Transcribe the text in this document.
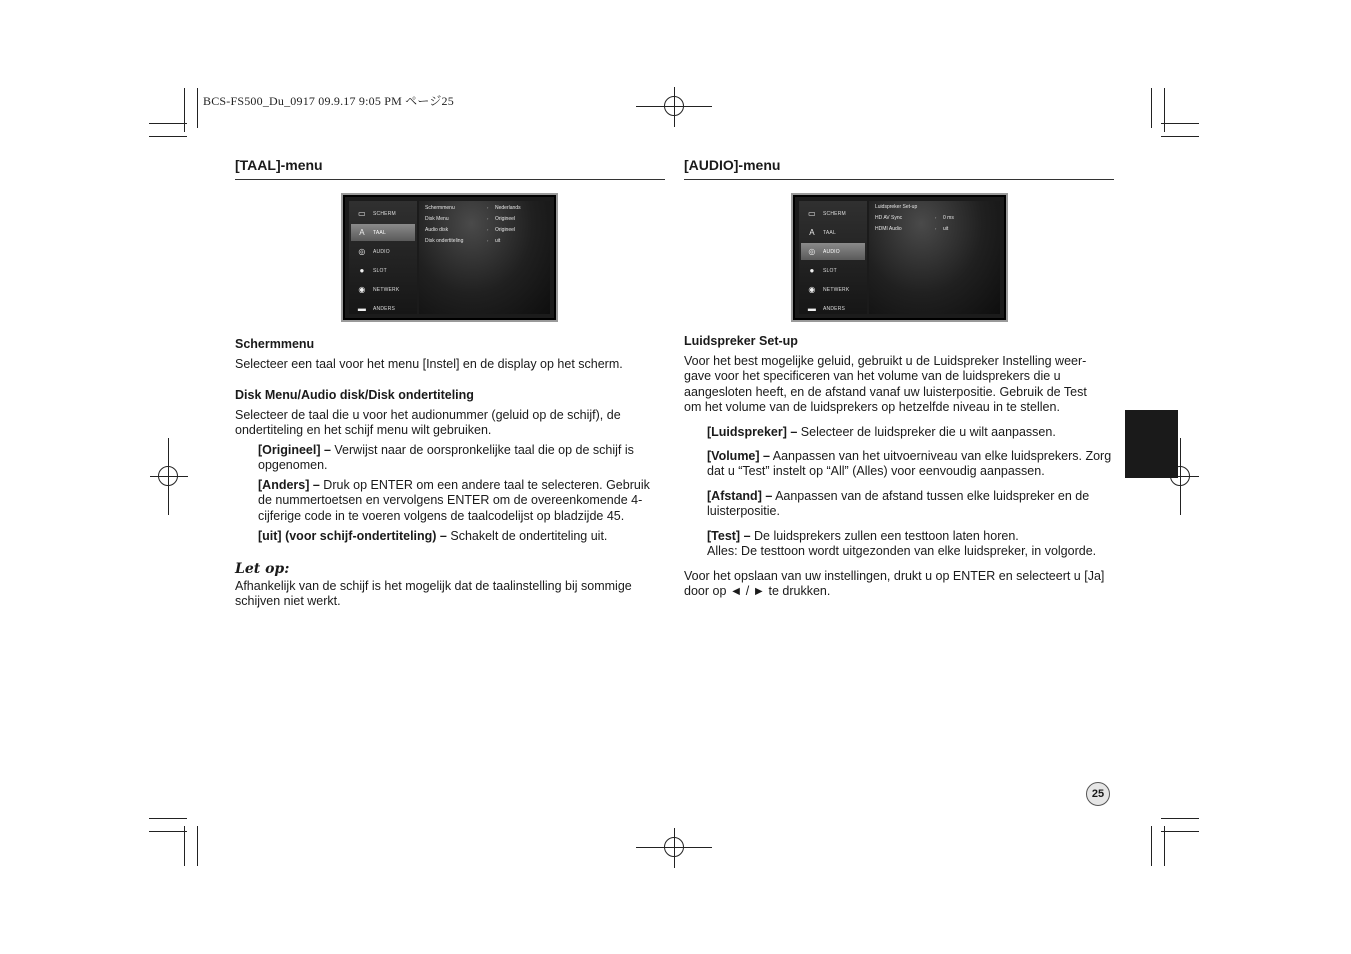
BCS-FS500_Du_0917 09.9.17 9:05 PM ページ25
[TAAL]-menu
▭ SCHERM
A	TAAL
◎ AUDIO
●	SLOT
◉ NETWERK
▬ ANDERS
Schermmenu	› Nederlands
Disk Menu	› Origineel
Audio disk	› Origineel
Disk ondertiteling	› uit
Schermmenu
Selecteer een taal voor het menu [Instel] en de display op het scherm.
Disk Menu/Audio disk/Disk ondertiteling
Selecteer de taal die u voor het audionummer (geluid op de schijf), de ondertiteling en het schijf menu wilt gebruiken.
[Origineel] – Verwijst naar de oorspronkelijke taal die op de schijf is opgenomen.
[Anders] – Druk op ENTER om een andere taal te selecteren. Gebruik de nummertoetsen en vervolgens ENTER om de overeenkomende 4-cijferige code in te voeren volgens de taalcodelijst op bladzijde 45.
[uit] (voor schijf-ondertiteling) – Schakelt de ondertiteling uit.
Let op:
Afhankelijk van de schijf is het mogelijk dat de taalinstelling bij sommige schijven niet werkt.
[AUDIO]-menu
▭ SCHERM
A	TAAL
◎ AUDIO
●	SLOT
◉ NETWERK
▬ ANDERS
Luidspreker Set-up
HD AV Sync	› 0 ms
HDMI Audio	› uit
Luidspreker Set-up
Voor het best mogelijke geluid, gebruikt u de Luidspreker Instelling weer-gave voor het specificeren van het volume van de luidsprekers die u aangesloten heeft, en de afstand vanaf uw luisterpositie. Gebruik de Test om het volume van de luidsprekers op hetzelfde niveau in te stellen.
[Luidspreker] – Selecteer de luidspreker die u wilt aanpassen.
[Volume] – Aanpassen van het uitvoerniveau van elke luidsprekers. Zorg dat u “Test” instelt op “All” (Alles) voor eenvoudig aanpassen.
[Afstand] – Aanpassen van de afstand tussen elke luidspreker en de luisterpositie.
[Test] – De luidsprekers zullen een testtoon laten horen.
Alles: De testtoon wordt uitgezonden van elke luidspreker, in volgorde.
Voor het opslaan van uw instellingen, drukt u op ENTER en selecteert u [Ja] door op ◄ / ► te drukken.
25
